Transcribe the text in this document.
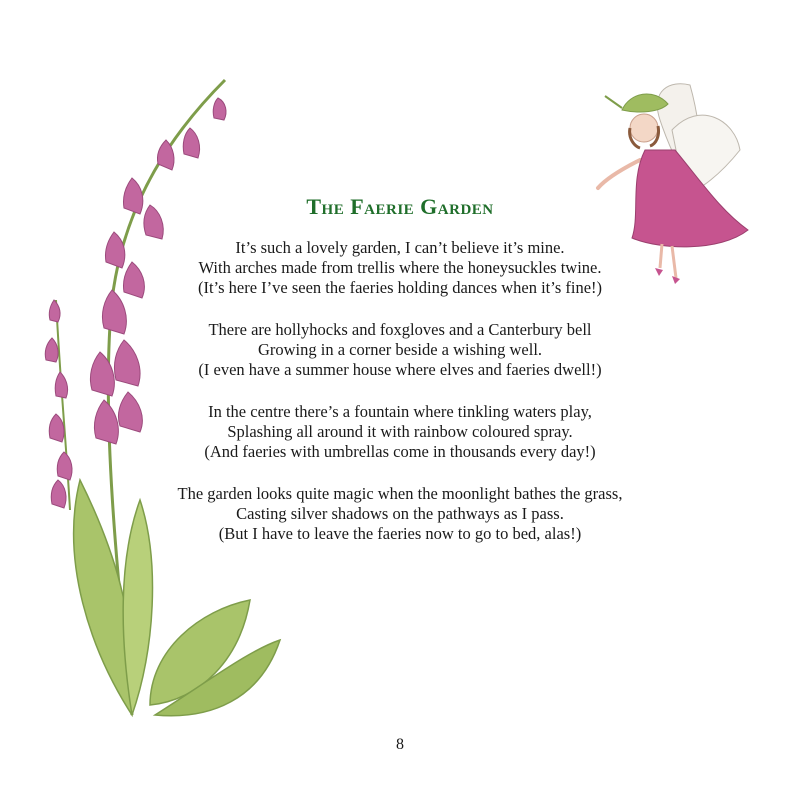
The Faerie Garden

It’s such a lovely garden, I can’t believe it’s mine.
With arches made from trellis where the honeysuckles twine.
(It’s here I’ve seen the faeries holding dances when it’s fine!)

There are hollyhocks and foxgloves and a Canterbury bell
Growing in a corner beside a wishing well.
(I even have a summer house where elves and faeries dwell!)

In the centre there’s a fountain where tinkling waters play,
Splashing all around it with rainbow coloured spray.
(And faeries with umbrellas come in thousands every day!)

The garden looks quite magic when the moonlight bathes the grass,
Casting silver shadows on the pathways as I pass.
(But I have to leave the faeries now to go to bed, alas!)

8
